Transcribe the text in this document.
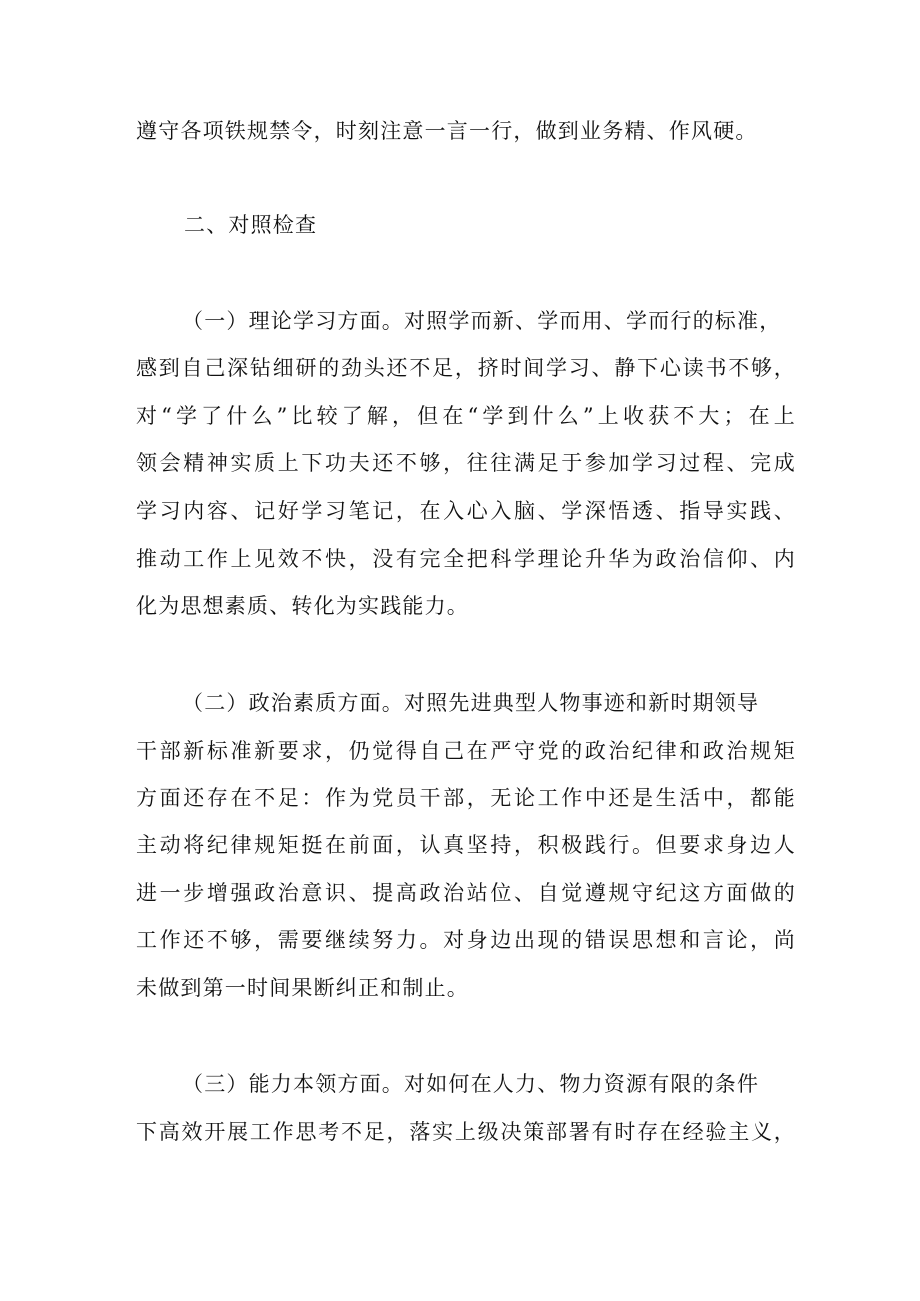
遵守各项铁规禁令，时刻注意一言一行，做到业务精、作风硬。
二、对照检查
（一）理论学习方面。对照学而新、学而用、学而行的标准，
感到自己深钻细研的劲头还不足，挤时间学习、静下心读书不够，
对“学了什么”比较了解，但在“学到什么”上收获不大；在上
领会精神实质上下功夫还不够，往往满足于参加学习过程、完成
学习内容、记好学习笔记，在入心入脑、学深悟透、指导实践、
推动工作上见效不快，没有完全把科学理论升华为政治信仰、内
化为思想素质、转化为实践能力。
（二）政治素质方面。对照先进典型人物事迹和新时期领导
干部新标准新要求，仍觉得自己在严守党的政治纪律和政治规矩
方面还存在不足：作为党员干部，无论工作中还是生活中，都能
主动将纪律规矩挺在前面，认真坚持，积极践行。但要求身边人
进一步增强政治意识、提高政治站位、自觉遵规守纪这方面做的
工作还不够，需要继续努力。对身边出现的错误思想和言论，尚
未做到第一时间果断纠正和制止。
（三）能力本领方面。对如何在人力、物力资源有限的条件
下高效开展工作思考不足，落实上级决策部署有时存在经验主义，
